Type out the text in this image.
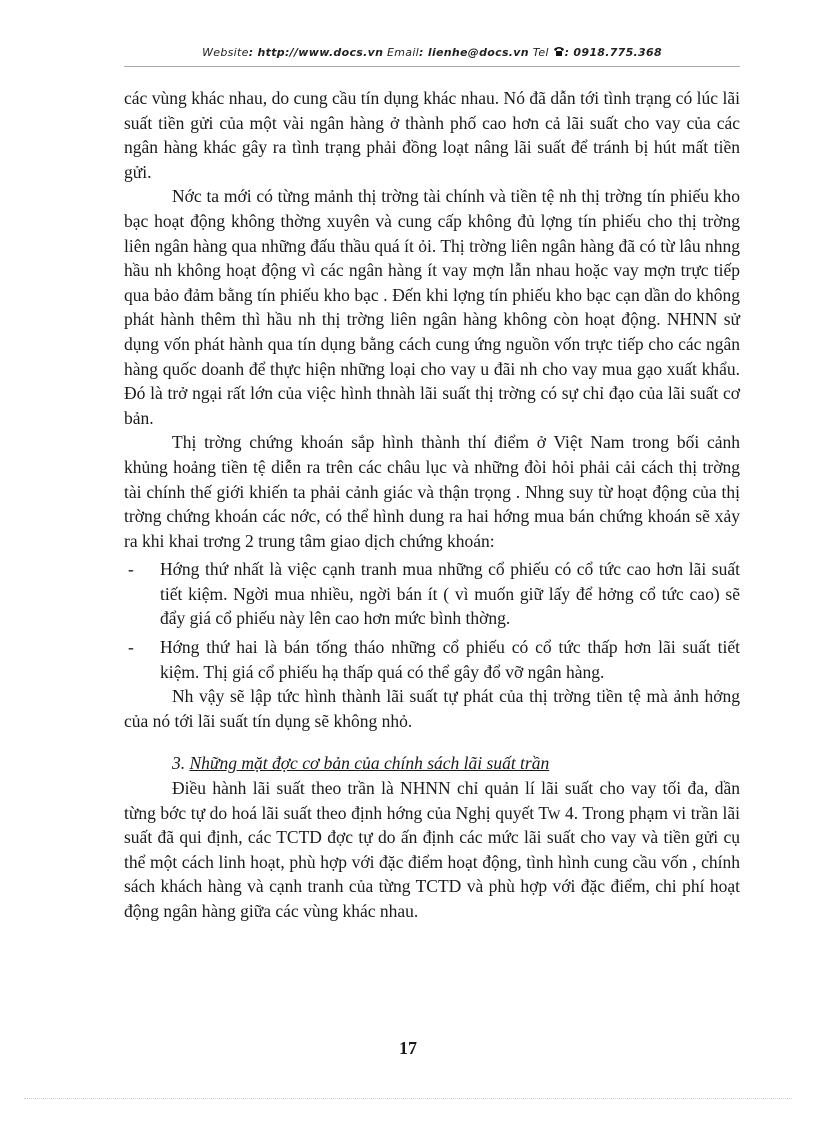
Website: http://www.docs.vn Email: lienhe@docs.vn Tel : 0918.775.368

các vùng khác nhau, do cung cầu tín dụng khác nhau. Nó đã dẫn tới tình trạng có lúc lãi suất tiền gửi của một vài ngân hàng ở thành phố cao hơn cả lãi suất cho vay của các ngân hàng khác gây ra tình trạng phải đồng loạt nâng lãi suất để tránh bị hút mất tiền gửi.

Nớc ta mới có từng mảnh thị trờng tài chính và tiền tệ nh thị trờng tín phiếu kho bạc hoạt động không thờng xuyên và cung cấp không đủ lợng tín phiếu cho thị trờng liên ngân hàng qua những đấu thầu quá ít ỏi. Thị trờng liên ngân hàng đã có từ lâu nhng hầu nh không hoạt động vì các ngân hàng ít vay mợn lẫn nhau hoặc vay mợn trực tiếp qua bảo đảm bằng tín phiếu kho bạc . Đến khi lợng tín phiếu kho bạc cạn dần do không phát hành thêm thì hầu nh thị trờng liên ngân hàng không còn hoạt động. NHNN sử dụng vốn phát hành qua tín dụng bằng cách cung ứng nguồn vốn trực tiếp cho các ngân hàng quốc doanh để thực hiện những loại cho vay u đãi nh cho vay mua gạo xuất khẩu. Đó là trở ngại rất lớn của việc hình thnàh lãi suất thị trờng có sự chỉ đạo của lãi suất cơ bản.

Thị trờng chứng khoán sắp hình thành thí điểm ở Việt Nam trong bối cảnh khủng hoảng tiền tệ diễn ra trên các châu lục và những đòi hỏi phải cải cách thị trờng tài chính thế giới khiến ta phải cảnh giác và thận trọng . Nhng suy từ hoạt động của thị trờng chứng khoán các nớc, có thể hình dung ra hai hớng mua bán chứng khoán sẽ xảy ra khi khai trơng 2 trung tâm giao dịch chứng khoán:

- Hớng thứ nhất là việc cạnh tranh mua những cổ phiếu có cổ tức cao hơn lãi suất tiết kiệm. Ngời mua nhiều, ngời bán ít ( vì muốn giữ lấy để hởng cổ tức cao) sẽ đẩy giá cổ phiếu này lên cao hơn mức bình thờng.
- Hớng thứ hai là bán tống tháo những cổ phiếu có cổ tức thấp hơn lãi suất tiết kiệm. Thị giá cổ phiếu hạ thấp quá có thể gây đổ vỡ ngân hàng.

Nh vậy sẽ lập tức hình thành lãi suất tự phát của thị trờng tiền tệ mà ảnh hởng của nó tới lãi suất tín dụng sẽ không nhỏ.

3. Những mặt đợc cơ bản của chính sách lãi suất trần

Điều hành lãi suất theo trần là NHNN chỉ quản lí lãi suất cho vay tối đa, dần từng bớc tự do hoá lãi suất theo định hớng của Nghị quyết Tw 4. Trong phạm vi trần lãi suất đã qui định, các TCTD đợc tự do ấn định các mức lãi suất cho vay và tiền gửi cụ thể một cách linh hoạt, phù hợp với đặc điểm hoạt động, tình hình cung cầu vốn , chính sách khách hàng và cạnh tranh của từng TCTD và phù hợp với đặc điểm, chi phí hoạt động ngân hàng giữa các vùng khác nhau.

17
